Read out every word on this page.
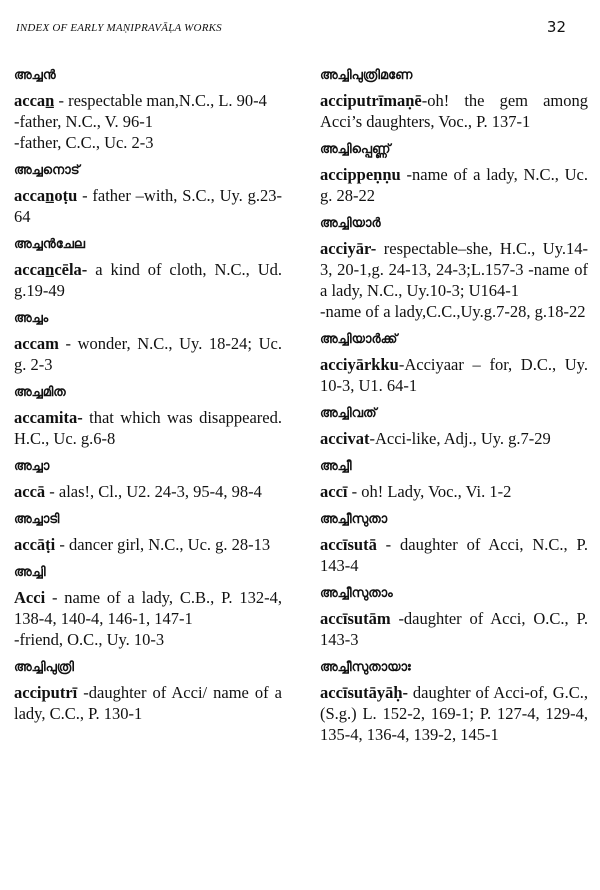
INDEX OF EARLY MAṆIPRAVĀḶA WORKS	32
അച്ചൻ

accan̲ - respectable man,N.C., L. 90-4

-father, N.C., V. 96-1

-father, C.C., Uc. 2-3

അച്ചനൊട്

accan̲oṭu - father –with, S.C., Uy. g.23-64

അച്ചൻചേല

accan̲cēla- a kind of cloth, N.C., Ud. g.19-49

അച്ചം

accam - wonder, N.C., Uy. 18-24; Uc. g. 2-3

അച്ചമിത

accamita- that which was disappeared. H.C., Uc. g.6-8

അച്ചാ

accā - alas!, Cl., U2. 24-3, 95-4, 98-4

അച്ചാടി

accāṭi - dancer girl, N.C., Uc. g. 28-13

അച്ചി

Acci - name of a lady, C.B., P. 132-4, 138-4, 140-4, 146-1, 147-1

-friend, O.C., Uy. 10-3

അച്ചിപുത്രി

acciputrī -daughter of Acci/ name of a lady, C.C., P. 130-1

അച്ചിപുത്രിമണേ

acciputrīmaṇē-oh! the gem among Acci’s daughters, Voc., P. 137-1

അച്ചിപ്പെണ്ണ്

accippeṇṇu -name of a lady, N.C., Uc. g. 28-22

അച്ചിയാർ

acciyār- respectable–she, H.C., Uy.14-3, 20-1,g. 24-13, 24-3;L.157-3 -name of a lady, N.C., Uy.10-3; U164-1

-name of a lady,C.C.,Uy.g.7-28, g.18-22

അച്ചിയാർക്ക്

acciyārkku-Acciyaar – for, D.C., Uy. 10-3, U1. 64-1

അച്ചിവത്

accivat-Acci-like, Adj., Uy. g.7-29

അച്ചീ

accī - oh! Lady, Voc., Vi. 1-2

അച്ചീസുതാ

accīsutā - daughter of Acci, N.C., P. 143-4

അച്ചീസുതാം

accīsutām -daughter of Acci, O.C., P. 143-3

അച്ചീസുതായാഃ

accīsutāyāḥ- daughter of Acci-of, G.C., (S.g.) L. 152-2, 169-1; P. 127-4, 129-4, 135-4, 136-4, 139-2, 145-1
